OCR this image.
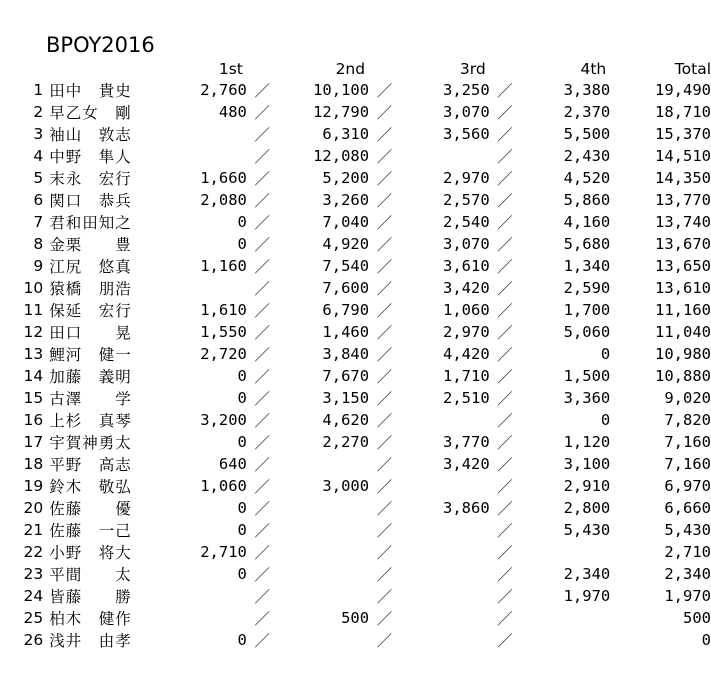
BPOY2016
		1st		2nd		3rd		4th	Total
1	田中　貴史	2,760	／	10,100	／	3,250	／	3,380	19,490
2	早乙女　剛	480	／	12,790	／	3,070	／	2,370	18,710
3	袖山　敦志		／	6,310	／	3,560	／	5,500	15,370
4	中野　隼人		／	12,080	／		／	2,430	14,510
5	末永　宏行	1,660	／	5,200	／	2,970	／	4,520	14,350
6	関口　恭兵	2,080	／	3,260	／	2,570	／	5,860	13,770
7	君和田知之	0	／	7,040	／	2,540	／	4,160	13,740
8	金栗　　豊	0	／	4,920	／	3,070	／	5,680	13,670
9	江尻　悠真	1,160	／	7,540	／	3,610	／	1,340	13,650
10	猿橋　朋浩		／	7,600	／	3,420	／	2,590	13,610
11	保延　宏行	1,610	／	6,790	／	1,060	／	1,700	11,160
12	田口　　晃	1,550	／	1,460	／	2,970	／	5,060	11,040
13	鯉河　健一	2,720	／	3,840	／	4,420	／	0	10,980
14	加藤　義明	0	／	7,670	／	1,710	／	1,500	10,880
15	古澤　　学	0	／	3,150	／	2,510	／	3,360	9,020
16	上杉　真琴	3,200	／	4,620	／		／	0	7,820
17	宇賀神勇太	0	／	2,270	／	3,770	／	1,120	7,160
18	平野　高志	640	／		／	3,420	／	3,100	7,160
19	鈴木　敬弘	1,060	／	3,000	／		／	2,910	6,970
20	佐藤　　優	0	／		／	3,860	／	2,800	6,660
21	佐藤　一己	0	／		／		／	5,430	5,430
22	小野　将大	2,710	／		／		／		2,710
23	平間　　太	0	／		／		／	2,340	2,340
24	皆藤　　勝		／		／		／	1,970	1,970
25	柏木　健作		／	500	／		／		500
26	浅井　由孝	0	／		／		／		0
